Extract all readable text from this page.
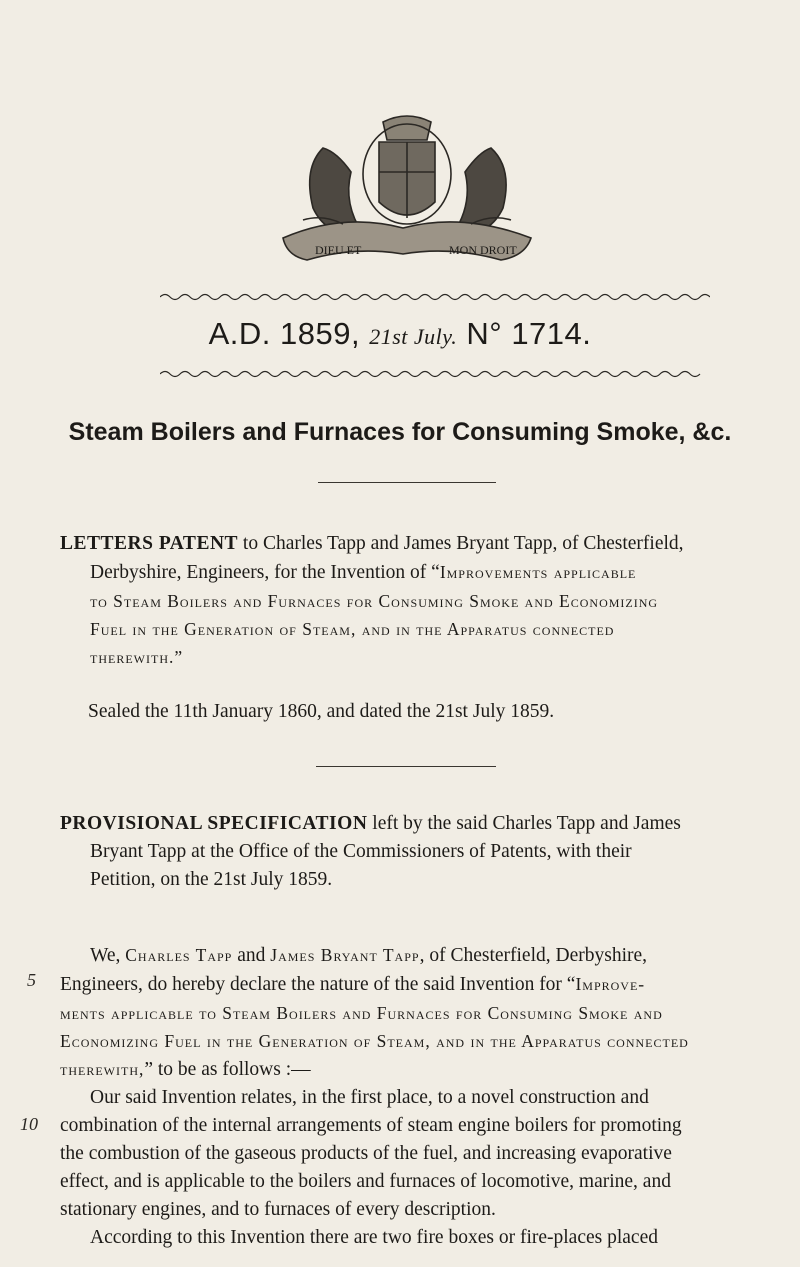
DIEU ET	MON DROIT
A.D. 1859, 21st July. N° 1714.
Steam Boilers and Furnaces for Consuming Smoke, &c.
LETTERS PATENT to Charles Tapp and James Bryant Tapp, of Chesterfield,
Derbyshire, Engineers, for the Invention of “Improvements applicable
to Steam Boilers and Furnaces for Consuming Smoke and Economizing
Fuel in the Generation of Steam, and in the Apparatus connected
therewith.”
Sealed the 11th January 1860, and dated the 21st July 1859.
PROVISIONAL SPECIFICATION left by the said Charles Tapp and James
Bryant Tapp at the Office of the Commissioners of Patents, with their
Petition, on the 21st July 1859.
5
10
We, Charles Tapp and James Bryant Tapp, of Chesterfield, Derbyshire,
Engineers, do hereby declare the nature of the said Invention for “Improve-
ments applicable to Steam Boilers and Furnaces for Consuming Smoke and
Economizing Fuel in the Generation of Steam, and in the Apparatus connected
therewith,” to be as follows :—
Our said Invention relates, in the first place, to a novel construction and
combination of the internal arrangements of steam engine boilers for promoting
the combustion of the gaseous products of the fuel, and increasing evaporative
effect, and is applicable to the boilers and furnaces of locomotive, marine, and
stationary engines, and to furnaces of every description.
According to this Invention there are two fire boxes or fire-places placed
